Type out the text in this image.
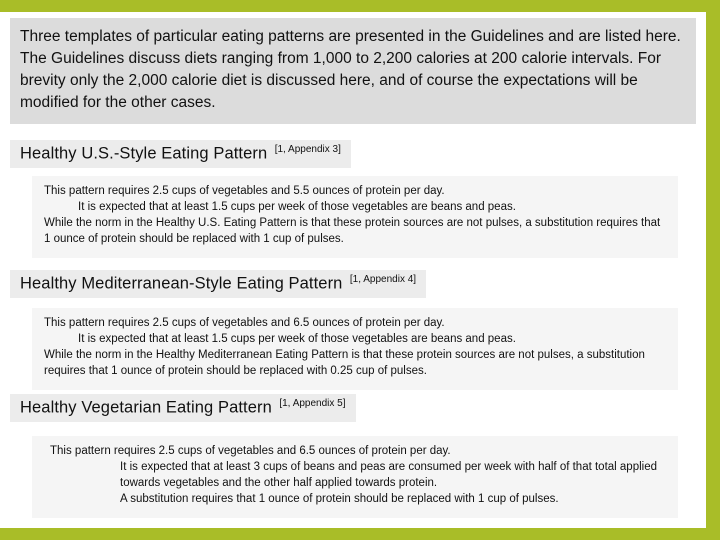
Three templates of particular eating patterns are presented in the Guidelines and are listed here.
The Guidelines discuss diets ranging from 1,000 to 2,200 calories at 200 calorie intervals. For brevity only the 2,000 calorie diet is discussed here, and of course the expectations will be modified for the other cases.
Healthy U.S.-Style Eating Pattern [1, Appendix 3]
This pattern requires 2.5 cups of vegetables and 5.5 ounces of protein per day.
It is expected that at least 1.5 cups per week of those vegetables are beans and peas.
While the norm in the Healthy U.S. Eating Pattern is that these protein sources are not pulses, a substitution requires that 1 ounce of protein should be replaced with 1 cup of pulses.
Healthy Mediterranean-Style Eating Pattern [1, Appendix 4]
This pattern requires 2.5 cups of vegetables and 6.5 ounces of protein per day.
It is expected that at least 1.5 cups per week of those vegetables are beans and peas.
While the norm in the Healthy Mediterranean Eating Pattern is that these protein sources are not pulses, a substitution requires that 1 ounce of protein should be replaced with 0.25 cup of pulses.
Healthy Vegetarian Eating Pattern [1, Appendix 5]
This pattern requires 2.5 cups of vegetables and 6.5 ounces of protein per day.
It is expected that at least 3 cups of beans and peas are consumed per week with half of that total applied towards vegetables and the other half applied towards protein.
A substitution requires that 1 ounce of protein should be replaced with 1 cup of pulses.
